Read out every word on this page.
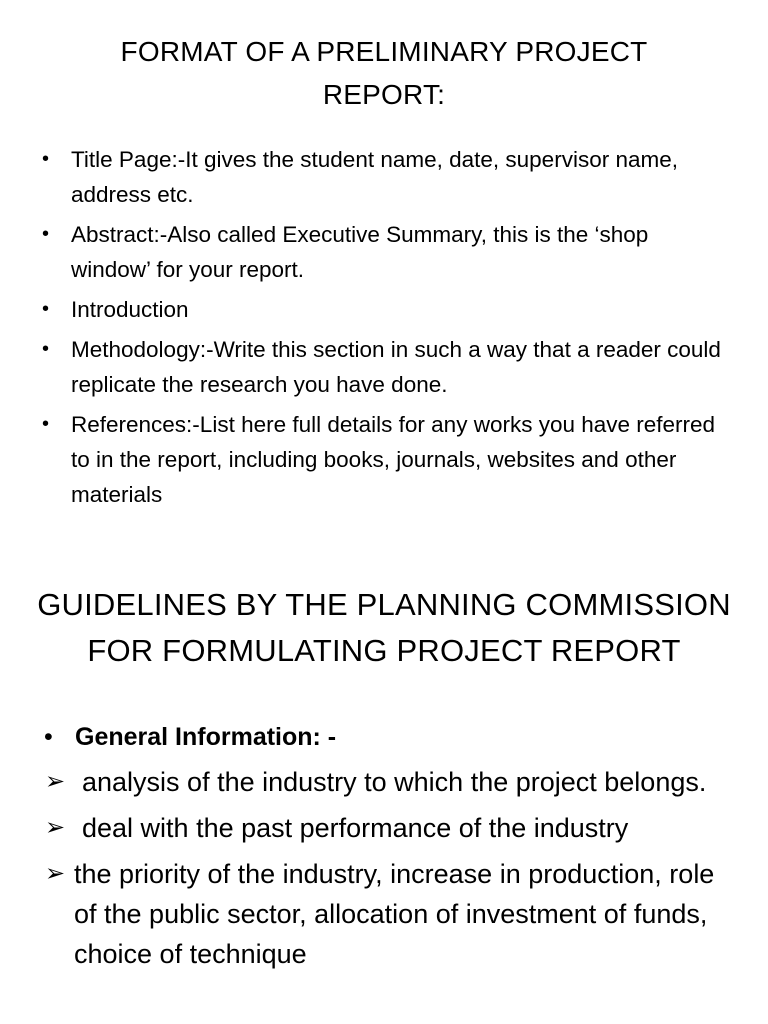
FORMAT OF A PRELIMINARY PROJECT REPORT:
• Title Page:-It gives the student name, date, supervisor name, address etc.
• Abstract:-Also called Executive Summary, this is the ‘shop window’ for your report.
• Introduction
• Methodology:-Write this section in such a way that a reader could replicate the research you have done.
• References:-List here full details for any works you have referred to in the report, including books, journals, websites and other materials
GUIDELINES BY THE PLANNING COMMISSION FOR FORMULATING PROJECT REPORT
• General Information: -
➢ analysis of the industry to which the project belongs.
➢ deal with the past performance of the industry
➢ the priority of the industry, increase in production, role of the public sector, allocation of investment of funds, choice of technique
